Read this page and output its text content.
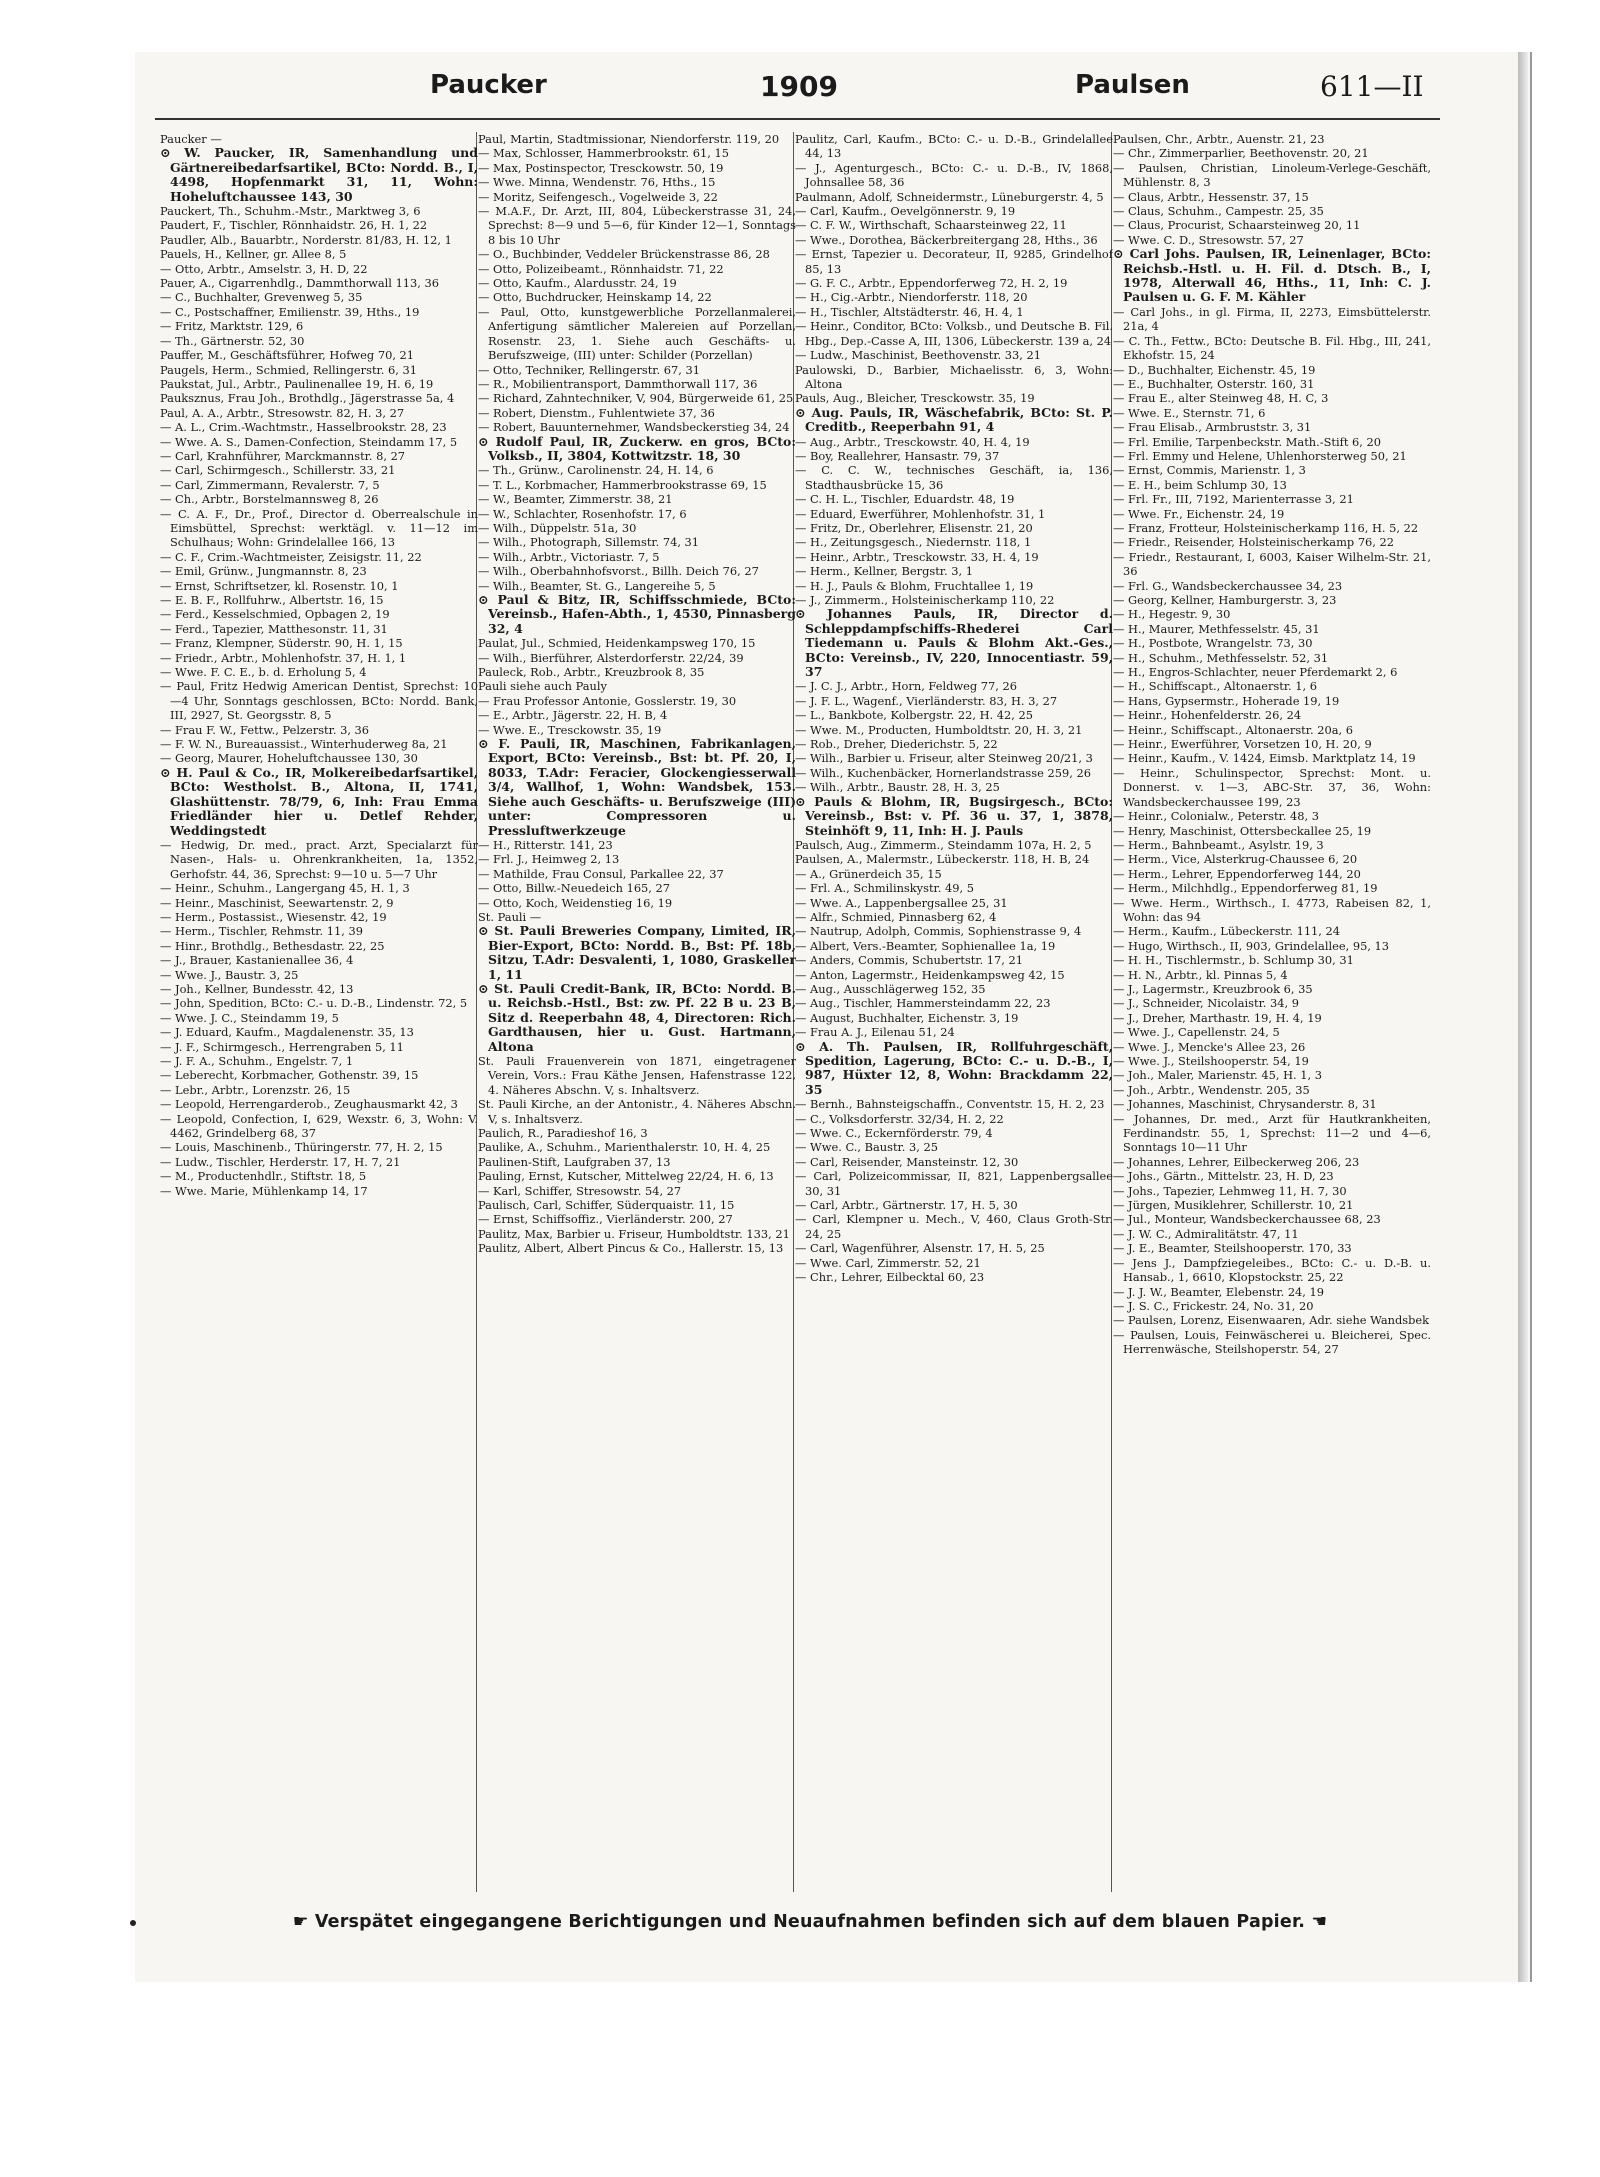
Paucker	1909	Paulsen	611—II

Paucker —

⊙ W. Paucker, IR, Samenhandlung und Gärtnereibedarfsartikel, BCto: Nordd. B., I, 4498, Hopfenmarkt 31, 11, Wohn: Hoheluftchaussee 143, 30

Pauckert, Th., Schuhm.-Mstr., Marktweg 3, 6

Paudert, F., Tischler, Rönnhaidstr. 26, H. 1, 22

Paudler, Alb., Bauarbtr., Norderstr. 81/83, H. 12, 1

Pauels, H., Kellner, gr. Allee 8, 5

— Otto, Arbtr., Amselstr. 3, H. D, 22

Pauer, A., Cigarrenhdlg., Dammthorwall 113, 36

— C., Buchhalter, Grevenweg 5, 35

— C., Postschaffner, Emilienstr. 39, Hths., 19

— Fritz, Marktstr. 129, 6

— Th., Gärtnerstr. 52, 30

Pauffer, M., Geschäftsführer, Hofweg 70, 21

Paugels, Herm., Schmied, Rellingerstr. 6, 31

Paukstat, Jul., Arbtr., Paulinenallee 19, H. 6, 19

Pauksznus, Frau Joh., Brothdlg., Jägerstrasse 5a, 4

Paul, A. A., Arbtr., Stresowstr. 82, H. 3, 27

— A. L., Crim.-Wachtmstr., Hasselbrookstr. 28, 23

— Wwe. A. S., Damen-Confection, Steindamm 17, 5

— Carl, Krahnführer, Marckmannstr. 8, 27

— Carl, Schirmgesch., Schillerstr. 33, 21

— Carl, Zimmermann, Revalerstr. 7, 5

— Ch., Arbtr., Borstelmannsweg 8, 26

— C. A. F., Dr., Prof., Director d. Oberrealschule in Eimsbüttel, Sprechst: werktägl. v. 11—12 im Schulhaus; Wohn: Grindelallee 166, 13

— C. F., Crim.-Wachtmeister, Zeisigstr. 11, 22

— Emil, Grünw., Jungmannstr. 8, 23

— Ernst, Schriftsetzer, kl. Rosenstr. 10, 1

— E. B. F., Rollfuhrw., Albertstr. 16, 15

— Ferd., Kesselschmied, Opbagen 2, 19

— Ferd., Tapezier, Matthesonstr. 11, 31

— Franz, Klempner, Süderstr. 90, H. 1, 15

— Friedr., Arbtr., Mohlenhofstr. 37, H. 1, 1

— Wwe. F. C. E., b. d. Erholung 5, 4

— Paul, Fritz Hedwig American Dentist, Sprechst: 10—4 Uhr, Sonntags geschlossen, BCto: Nordd. Bank, III, 2927, St. Georgsstr. 8, 5

— Frau F. W., Fettw., Pelzerstr. 3, 36

— F. W. N., Bureauassist., Winterhuderweg 8a, 21

— Georg, Maurer, Hoheluftchaussee 130, 30

⊙ H. Paul & Co., IR, Molkereibedarfsartikel, BCto: Westholst. B., Altona, II, 1741, Glashüttenstr. 78/79, 6, Inh: Frau Emma Friedländer hier u. Detlef Rehder, Weddingstedt

— Hedwig, Dr. med., pract. Arzt, Specialarzt für Nasen-, Hals- u. Ohrenkrankheiten, 1a, 1352, Gerhofstr. 44, 36, Sprechst: 9—10 u. 5—7 Uhr

— Heinr., Schuhm., Langergang 45, H. 1, 3

— Heinr., Maschinist, Seewartenstr. 2, 9

— Herm., Postassist., Wiesenstr. 42, 19

— Herm., Tischler, Rehmstr. 11, 39

— Hinr., Brothdlg., Bethesdastr. 22, 25

— J., Brauer, Kastanienallee 36, 4

— Wwe. J., Baustr. 3, 25

— Joh., Kellner, Bundesstr. 42, 13

— John, Spedition, BCto: C.- u. D.-B., Lindenstr. 72, 5

— Wwe. J. C., Steindamm 19, 5

— J. Eduard, Kaufm., Magdalenenstr. 35, 13

— J. F., Schirmgesch., Herrengraben 5, 11

— J. F. A., Schuhm., Engelstr. 7, 1

— Leberecht, Korbmacher, Gothenstr. 39, 15

— Lebr., Arbtr., Lorenzstr. 26, 15

— Leopold, Herrengarderob., Zeughausmarkt 42, 3

— Leopold, Confection, I, 629, Wexstr. 6, 3, Wohn: V. 4462, Grindelberg 68, 37

— Louis, Maschinenb., Thüringerstr. 77, H. 2, 15

— Ludw., Tischler, Herderstr. 17, H. 7, 21

— M., Productenhdlr., Stiftstr. 18, 5

— Wwe. Marie, Mühlenkamp 14, 17

Paul, Martin, Stadtmissionar, Niendorferstr. 119, 20

— Max, Schlosser, Hammerbrookstr. 61, 15

— Max, Postinspector, Tresckowstr. 50, 19

— Wwe. Minna, Wendenstr. 76, Hths., 15

— Moritz, Seifengesch., Vogelweide 3, 22

— M.A.F., Dr. Arzt, III, 804, Lübeckerstrasse 31, 24, Sprechst: 8—9 und 5—6, für Kinder 12—1, Sonntags 8 bis 10 Uhr

— O., Buchbinder, Veddeler Brückenstrasse 86, 28

— Otto, Polizeibeamt., Rönnhaidstr. 71, 22

— Otto, Kaufm., Alardusstr. 24, 19

— Otto, Buchdrucker, Heinskamp 14, 22

— Paul, Otto, kunstgewerbliche Porzellanmalerei, Anfertigung sämtlicher Malereien auf Porzellan, Rosenstr. 23, 1. Siehe auch Geschäfts- u. Berufszweige, (III) unter: Schilder (Porzellan)

— Otto, Techniker, Rellingerstr. 67, 31

— R., Mobilientransport, Dammthorwall 117, 36

— Richard, Zahntechniker, V, 904, Bürgerweide 61, 25

— Robert, Dienstm., Fuhlentwiete 37, 36

— Robert, Bauunternehmer, Wandsbeckerstieg 34, 24

⊙ Rudolf Paul, IR, Zuckerw. en gros, BCto: Volksb., II, 3804, Kottwitzstr. 18, 30

— Th., Grünw., Carolinenstr. 24, H. 14, 6

— T. L., Korbmacher, Hammerbrookstrasse 69, 15

— W., Beamter, Zimmerstr. 38, 21

— W., Schlachter, Rosenhofstr. 17, 6

— Wilh., Düppelstr. 51a, 30

— Wilh., Photograph, Sillemstr. 74, 31

— Wilh., Arbtr., Victoriastr. 7, 5

— Wilh., Oberbahnhofsvorst., Billh. Deich 76, 27

— Wilh., Beamter, St. G., Langereihe 5, 5

⊙ Paul & Bitz, IR, Schiffsschmiede, BCto: Vereinsb., Hafen-Abth., 1, 4530, Pinnasberg 32, 4

Paulat, Jul., Schmied, Heidenkampsweg 170, 15

— Wilh., Bierführer, Alsterdorferstr. 22/24, 39

Pauleck, Rob., Arbtr., Kreuzbrook 8, 35

Pauli siehe auch Pauly

— Frau Professor Antonie, Gosslerstr. 19, 30

— E., Arbtr., Jägerstr. 22, H. B, 4

— Wwe. E., Tresckowstr. 35, 19

⊙ F. Pauli, IR, Maschinen, Fabrikanlagen, Export, BCto: Vereinsb., Bst: bt. Pf. 20, I, 8033, T.Adr: Feracier, Glockengiesserwall 3/4, Wallhof, 1, Wohn: Wandsbek, 153. Siehe auch Geschäfts- u. Berufszweige (III) unter: Compressoren u. Pressluftwerkzeuge

— H., Ritterstr. 141, 23

— Frl. J., Heimweg 2, 13

— Mathilde, Frau Consul, Parkallee 22, 37

— Otto, Billw.-Neuedeich 165, 27

— Otto, Koch, Weidenstieg 16, 19

St. Pauli —

⊙ St. Pauli Breweries Company, Limited, IR, Bier-Export, BCto: Nordd. B., Bst: Pf. 18b, Sitzu, T.Adr: Desvalenti, 1, 1080, Graskeller 1, 11

⊙ St. Pauli Credit-Bank, IR, BCto: Nordd. B. u. Reichsb.-Hstl., Bst: zw. Pf. 22 B u. 23 B, Sitz d. Reeperbahn 48, 4, Directoren: Rich. Gardthausen, hier u. Gust. Hartmann, Altona

St. Pauli Frauenverein von 1871, eingetragener Verein, Vors.: Frau Käthe Jensen, Hafenstrasse 122, 4. Näheres Abschn. V, s. Inhaltsverz.

St. Pauli Kirche, an der Antonistr., 4. Näheres Abschn. V, s. Inhaltsverz.

Paulich, R., Paradieshof 16, 3

Paulike, A., Schuhm., Marienthalerstr. 10, H. 4, 25

Paulinen-Stift, Laufgraben 37, 13

Pauling, Ernst, Kutscher, Mittelweg 22/24, H. 6, 13

— Karl, Schiffer, Stresowstr. 54, 27

Paulisch, Carl, Schiffer, Süderquaistr. 11, 15

— Ernst, Schiffsoffiz., Vierländerstr. 200, 27

Paulitz, Max, Barbier u. Friseur, Humboldtstr. 133, 21

Paulitz, Albert, Albert Pincus & Co., Hallerstr. 15, 13

Paulitz, Carl, Kaufm., BCto: C.- u. D.-B., Grindelallee 44, 13

— J., Agenturgesch., BCto: C.- u. D.-B., IV, 1868, Johnsallee 58, 36

Paulmann, Adolf, Schneidermstr., Lüneburgerstr. 4, 5

— Carl, Kaufm., Oevelgönnerstr. 9, 19

— C. F. W., Wirthschaft, Schaarsteinweg 22, 11

— Wwe., Dorothea, Bäckerbreitergang 28, Hths., 36

— Ernst, Tapezier u. Decorateur, II, 9285, Grindelhof 85, 13

— G. F. C., Arbtr., Eppendorferweg 72, H. 2, 19

— H., Cig.-Arbtr., Niendorferstr. 118, 20

— H., Tischler, Altstädterstr. 46, H. 4, 1

— Heinr., Conditor, BCto: Volksb., und Deutsche B. Fil. Hbg., Dep.-Casse A, III, 1306, Lübeckerstr. 139 a, 24

— Ludw., Maschinist, Beethovenstr. 33, 21

Paulowski, D., Barbier, Michaelisstr. 6, 3, Wohn: Altona

Pauls, Aug., Bleicher, Tresckowstr. 35, 19

⊙ Aug. Pauls, IR, Wäschefabrik, BCto: St. P. Creditb., Reeperbahn 91, 4

— Aug., Arbtr., Tresckowstr. 40, H. 4, 19

— Boy, Reallehrer, Hansastr. 79, 37

— C. C. W., technisches Geschäft, ia, 136, Stadthausbrücke 15, 36

— C. H. L., Tischler, Eduardstr. 48, 19

— Eduard, Ewerführer, Mohlenhofstr. 31, 1

— Fritz, Dr., Oberlehrer, Elisenstr. 21, 20

— H., Zeitungsgesch., Niedernstr. 118, 1

— Heinr., Arbtr., Tresckowstr. 33, H. 4, 19

— Herm., Kellner, Bergstr. 3, 1

— H. J., Pauls & Blohm, Fruchtallee 1, 19

— J., Zimmerm., Holsteinischerkamp 110, 22

⊙ Johannes Pauls, IR, Director d. Schleppdampfschiffs-Rhederei Carl Tiedemann u. Pauls & Blohm Akt.-Ges., BCto: Vereinsb., IV, 220, Innocentiastr. 59, 37

— J. C. J., Arbtr., Horn, Feldweg 77, 26

— J. F. L., Wagenf., Vierländerstr. 83, H. 3, 27

— L., Bankbote, Kolbergstr. 22, H. 42, 25

— Wwe. M., Producten, Humboldtstr. 20, H. 3, 21

— Rob., Dreher, Diederichstr. 5, 22

— Wilh., Barbier u. Friseur, alter Steinweg 20/21, 3

— Wilh., Kuchenbäcker, Hornerlandstrasse 259, 26

— Wilh., Arbtr., Baustr. 28, H. 3, 25

⊙ Pauls & Blohm, IR, Bugsirgesch., BCto: Vereinsb., Bst: v. Pf. 36 u. 37, 1, 3878, Steinhöft 9, 11, Inh: H. J. Pauls

Paulsch, Aug., Zimmerm., Steindamm 107a, H. 2, 5

Paulsen, A., Malermstr., Lübeckerstr. 118, H. B, 24

— A., Grünerdeich 35, 15

— Frl. A., Schmilinskystr. 49, 5

— Wwe. A., Lappenbergsallee 25, 31

— Alfr., Schmied, Pinnasberg 62, 4

— Nautrup, Adolph, Commis, Sophienstrasse 9, 4

— Albert, Vers.-Beamter, Sophienallee 1a, 19

— Anders, Commis, Schubertstr. 17, 21

— Anton, Lagermstr., Heidenkampsweg 42, 15

— Aug., Ausschlägerweg 152, 35

— Aug., Tischler, Hammersteindamm 22, 23

— August, Buchhalter, Eichenstr. 3, 19

— Frau A. J., Eilenau 51, 24

⊙ A. Th. Paulsen, IR, Rollfuhrgeschäft, Spedition, Lagerung, BCto: C.- u. D.-B., I, 987, Hüxter 12, 8, Wohn: Brackdamm 22, 35

— Bernh., Bahnsteigschaffn., Conventstr. 15, H. 2, 23

— C., Volksdorferstr. 32/34, H. 2, 22

— Wwe. C., Eckernförderstr. 79, 4

— Wwe. C., Baustr. 3, 25

— Carl, Reisender, Mansteinstr. 12, 30

— Carl, Polizeicommissar, II, 821, Lappenbergsallee 30, 31

— Carl, Arbtr., Gärtnerstr. 17, H. 5, 30

— Carl, Klempner u. Mech., V, 460, Claus Groth-Str. 24, 25

— Carl, Wagenführer, Alsenstr. 17, H. 5, 25

— Wwe. Carl, Zimmerstr. 52, 21

— Chr., Lehrer, Eilbecktal 60, 23

Paulsen, Chr., Arbtr., Auenstr. 21, 23

— Chr., Zimmerparlier, Beethovenstr. 20, 21

— Paulsen, Christian, Linoleum-Verlege-Geschäft, Mühlenstr. 8, 3

— Claus, Arbtr., Hessenstr. 37, 15

— Claus, Schuhm., Campestr. 25, 35

— Claus, Procurist, Schaarsteinweg 20, 11

— Wwe. C. D., Stresowstr. 57, 27

⊙ Carl Johs. Paulsen, IR, Leinenlager, BCto: Reichsb.-Hstl. u. H. Fil. d. Dtsch. B., I, 1978, Alterwall 46, Hths., 11, Inh: C. J. Paulsen u. G. F. M. Kähler

— Carl Johs., in gl. Firma, II, 2273, Eimsbüttelerstr. 21a, 4

— C. Th., Fettw., BCto: Deutsche B. Fil. Hbg., III, 241, Ekhofstr. 15, 24

— D., Buchhalter, Eichenstr. 45, 19

— E., Buchhalter, Osterstr. 160, 31

— Frau E., alter Steinweg 48, H. C, 3

— Wwe. E., Sternstr. 71, 6

— Frau Elisab., Armbruststr. 3, 31

— Frl. Emilie, Tarpenbeckstr. Math.-Stift 6, 20

— Frl. Emmy und Helene, Uhlenhorsterweg 50, 21

— Ernst, Commis, Marienstr. 1, 3

— E. H., beim Schlump 30, 13

— Frl. Fr., III, 7192, Marienterrasse 3, 21

— Wwe. Fr., Eichenstr. 24, 19

— Franz, Frotteur, Holsteinischerkamp 116, H. 5, 22

— Friedr., Reisender, Holsteinischerkamp 76, 22

— Friedr., Restaurant, I, 6003, Kaiser Wilhelm-Str. 21, 36

— Frl. G., Wandsbeckerchaussee 34, 23

— Georg, Kellner, Hamburgerstr. 3, 23

— H., Hegestr. 9, 30

— H., Maurer, Methfesselstr. 45, 31

— H., Postbote, Wrangelstr. 73, 30

— H., Schuhm., Methfesselstr. 52, 31

— H., Engros-Schlachter, neuer Pferdemarkt 2, 6

— H., Schiffscapt., Altonaerstr. 1, 6

— Hans, Gypsermstr., Hoheradе 19, 19

— Heinr., Hohenfelderstr. 26, 24

— Heinr., Schiffscapt., Altonaerstr. 20a, 6

— Heinr., Ewerführer, Vorsetzen 10, H. 20, 9

— Heinr., Kaufm., V. 1424, Eimsb. Marktplatz 14, 19

— Heinr., Schulinspector, Sprechst: Mont. u. Donnerst. v. 1—3, ABC-Str. 37, 36, Wohn: Wandsbeckerchaussee 199, 23

— Heinr., Colonialw., Peterstr. 48, 3

— Henry, Maschinist, Ottersbeckallee 25, 19

— Herm., Bahnbeamt., Asylstr. 19, 3

— Herm., Vice, Alsterkrug-Chaussee 6, 20

— Herm., Lehrer, Eppendorferweg 144, 20

— Herm., Milchhdlg., Eppendorferweg 81, 19

— Wwe. Herm., Wirthsch., I. 4773, Rabeisen 82, 1, Wohn: das 94

— Herm., Kaufm., Lübeckerstr. 111, 24

— Hugo, Wirthsch., II, 903, Grindelallee, 95, 13

— H. H., Tischlermstr., b. Schlump 30, 31

— H. N., Arbtr., kl. Pinnas 5, 4

— J., Lagermstr., Kreuzbrook 6, 35

— J., Schneider, Nicolaistr. 34, 9

— J., Dreher, Marthastr. 19, H. 4, 19

— Wwe. J., Capellenstr. 24, 5

— Wwe. J., Mencke's Allee 23, 26

— Wwe. J., Steilshooperstr. 54, 19

— Joh., Maler, Marienstr. 45, H. 1, 3

— Joh., Arbtr., Wendenstr. 205, 35

— Johannes, Maschinist, Chrysanderstr. 8, 31

— Johannes, Dr. med., Arzt für Hautkrankheiten, Ferdinandstr. 55, 1, Sprechst: 11—2 und 4—6, Sonntags 10—11 Uhr

— Johannes, Lehrer, Eilbeckerweg 206, 23

— Johs., Gärtn., Mittelstr. 23, H. D, 23

— Johs., Tapezier, Lehmweg 11, H. 7, 30

— Jürgen, Musiklehrer, Schillerstr. 10, 21

— Jul., Monteur, Wandsbeckerchaussee 68, 23

— J. W. C., Admiralitätstr. 47, 11

— J. E., Beamter, Steilshooperstr. 170, 33

— Jens J., Dampfziegeleibes., BCto: C.- u. D.-B. u. Hansab., 1, 6610, Klopstockstr. 25, 22

— J. J. W., Beamter, Elebenstr. 24, 19

— J. S. C., Frickestr. 24, No. 31, 20

— Paulsen, Lorenz, Eisenwaaren, Adr. siehe Wandsbek

— Paulsen, Louis, Feinwäscherei u. Bleicherei, Spec. Herrenwäsche, Steilshoperstr. 54, 27

☛ Verspätet eingegangene Berichtigungen und Neuaufnahmen befinden sich auf dem blauen Papier. ☚
